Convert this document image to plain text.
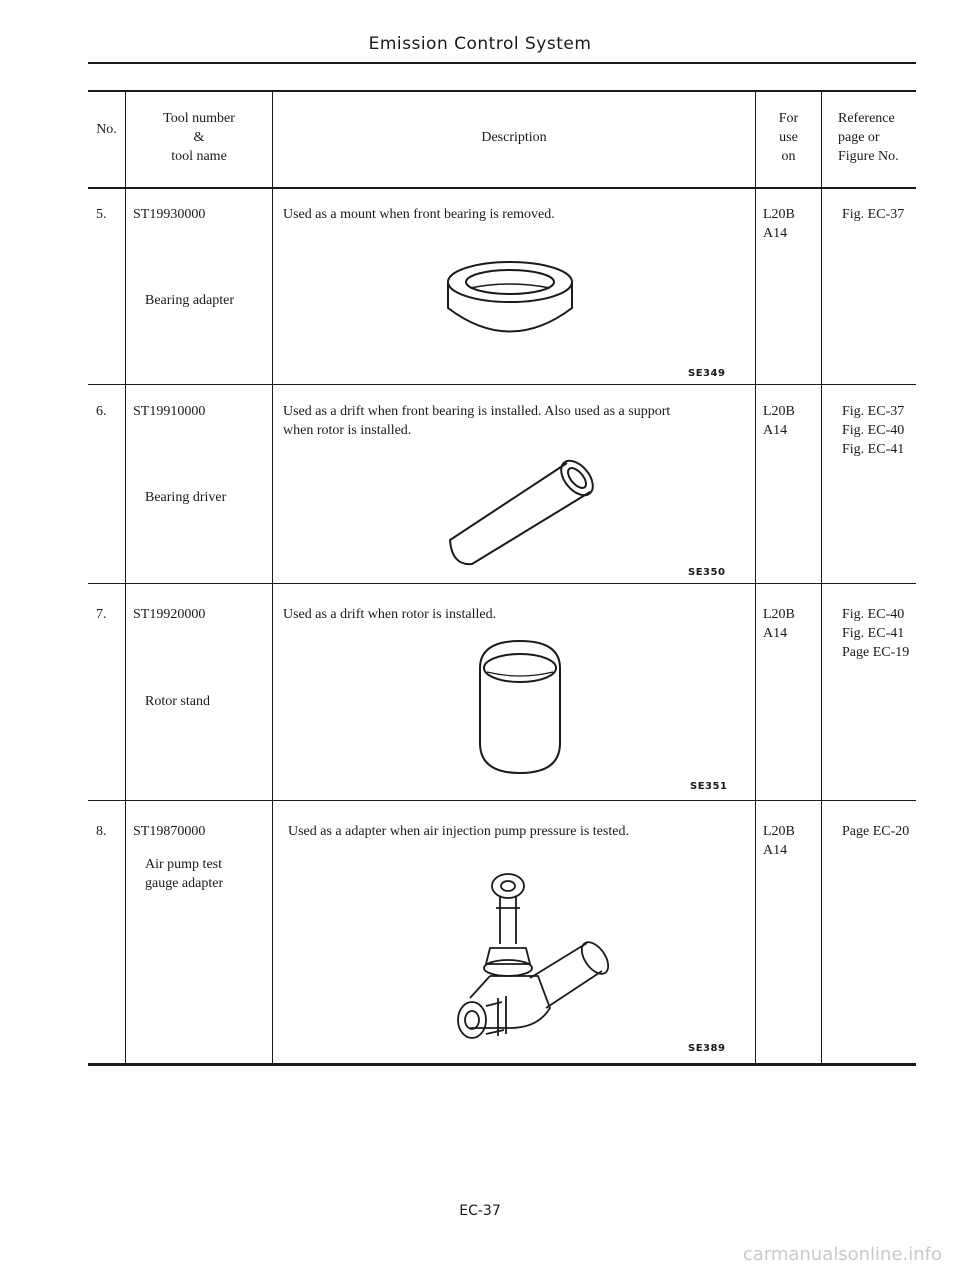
Emission Control System
No.
Tool number
&
tool name
Description
For
use
on
Reference
page or
Figure No.
5. ST19930000
Bearing adapter
Used as a mount when front bearing is removed.
SE349
L20B
A14
Fig. EC-37
6. ST19910000
Bearing driver
Used as a drift when front bearing is installed. Also used as a support
when rotor is installed.
SE350
L20B
A14
Fig. EC-37
Fig. EC-40
Fig. EC-41
7. ST19920000
Rotor stand
Used as a drift when rotor is installed.
SE351
L20B
A14
Fig. EC-40
Fig. EC-41
Page EC-19
8. ST19870000
Air pump test
gauge adapter
Used as a adapter when air injection pump pressure is tested.
SE389
L20B
A14
Page EC-20
EC-37
carmanualsonline.info
